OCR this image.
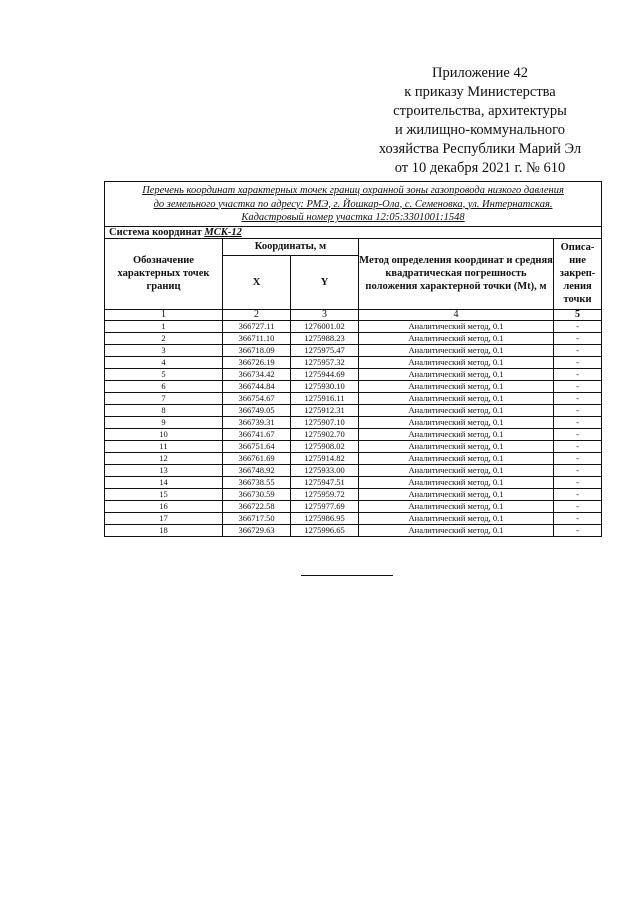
Приложение 42
к приказу Министерства
строительства, архитектуры
и жилищно-коммунального
хозяйства Республики Марий Эл
от 10 декабря 2021 г. № 610
Перечень координат характерных точек границ охранной зоны газопровода низкого давления
до земельного участка по адресу: РМЭ, г. Йошкар-Ола, с. Семеновка, ул. Интернатская.
Кадастровый номер участка 12:05:3301001:1548				

Система координат МСК-12				
Обозначение характерных точек границ	Координаты, м		Метод определения координат и средняя квадратическая погрешность положения характерной точки (Mt), м	Описа-ние закреп-ления точки
	X	Y		
1	2	3	4	5
1	366727.11	1276001.02	Аналитический метод, 0.1	-
2	366711.10	1275988.23	Аналитический метод, 0.1	-
3	366718.09	1275975.47	Аналитический метод, 0.1	-
4	366726.19	1275957.32	Аналитический метод, 0.1	-
5	366734.42	1275944.69	Аналитический метод, 0.1	-
6	366744.84	1275930.10	Аналитический метод, 0.1	-
7	366754.67	1275916.11	Аналитический метод, 0.1	-
8	366749.05	1275912.31	Аналитический метод, 0.1	-
9	366739.31	1275907.10	Аналитический метод, 0.1	-
10	366741.67	1275902.70	Аналитический метод, 0.1	-
11	366751.64	1275908.02	Аналитический метод, 0.1	-
12	366761.69	1275914.82	Аналитический метод, 0.1	-
13	366748.92	1275933.00	Аналитический метод, 0.1	-
14	366738.55	1275947.51	Аналитический метод, 0.1	-
15	366730.59	1275959.72	Аналитический метод, 0.1	-
16	366722.58	1275977.69	Аналитический метод, 0.1	-
17	366717.50	1275986.95	Аналитический метод, 0.1	-
18	366729.63	1275996.65	Аналитический метод, 0.1	-
